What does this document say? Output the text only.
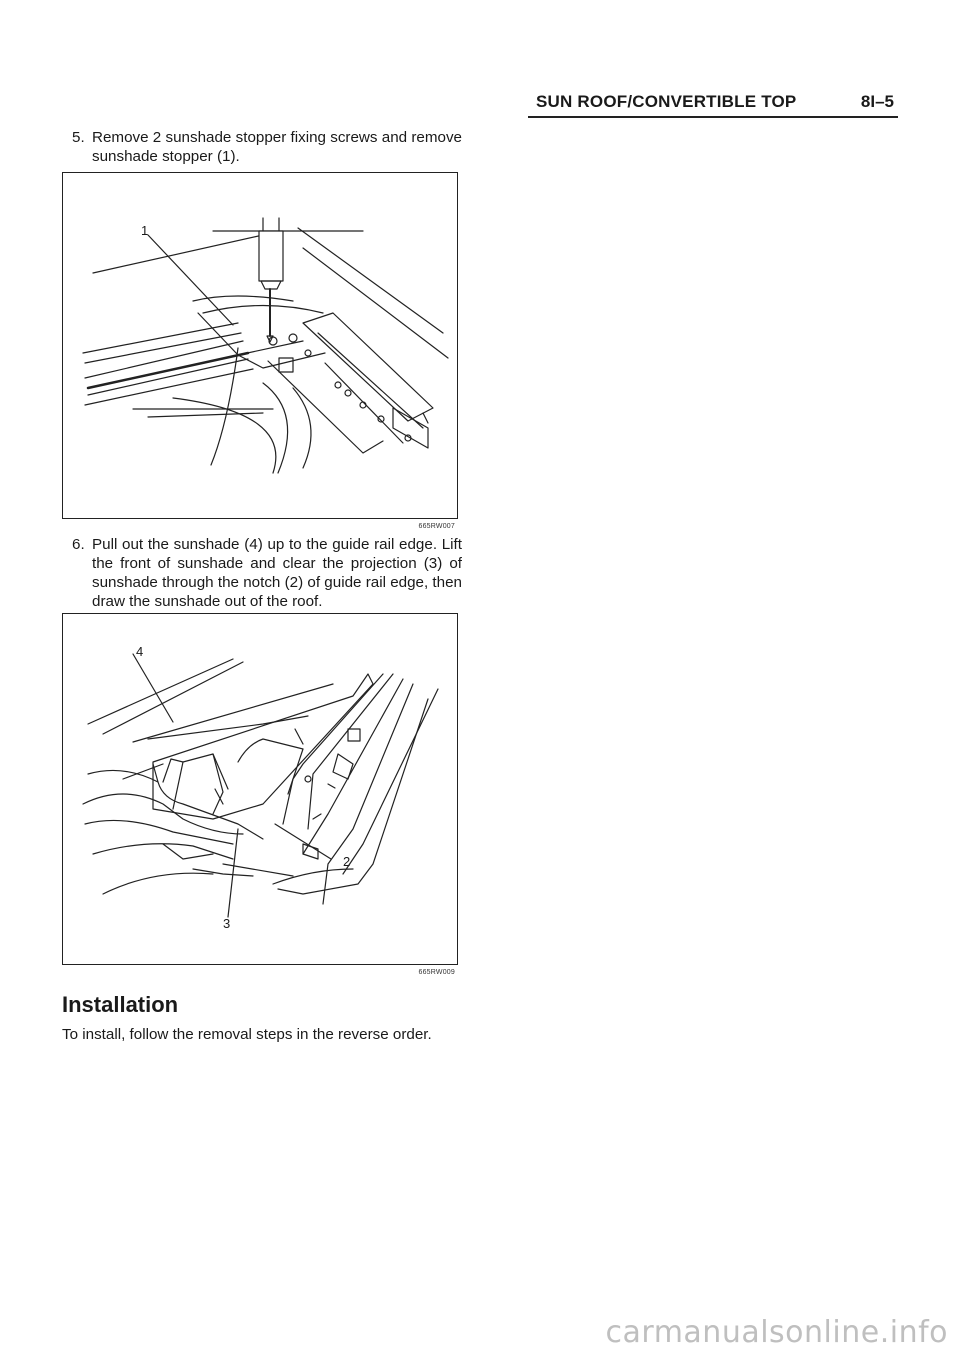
SUN ROOF/CONVERTIBLE TOP	8I–5
5. Remove 2 sunshade stopper fixing screws and remove sunshade stopper (1).
1
665RW007
6. Pull out the sunshade (4) up to the guide rail edge. Lift the front of sunshade and clear the projection (3) of sunshade through the notch (2) of guide rail edge, then draw the sunshade out of the roof.
4
2
3
665RW009
Installation
To install, follow the removal steps in the reverse order.
carmanualsonline.info
